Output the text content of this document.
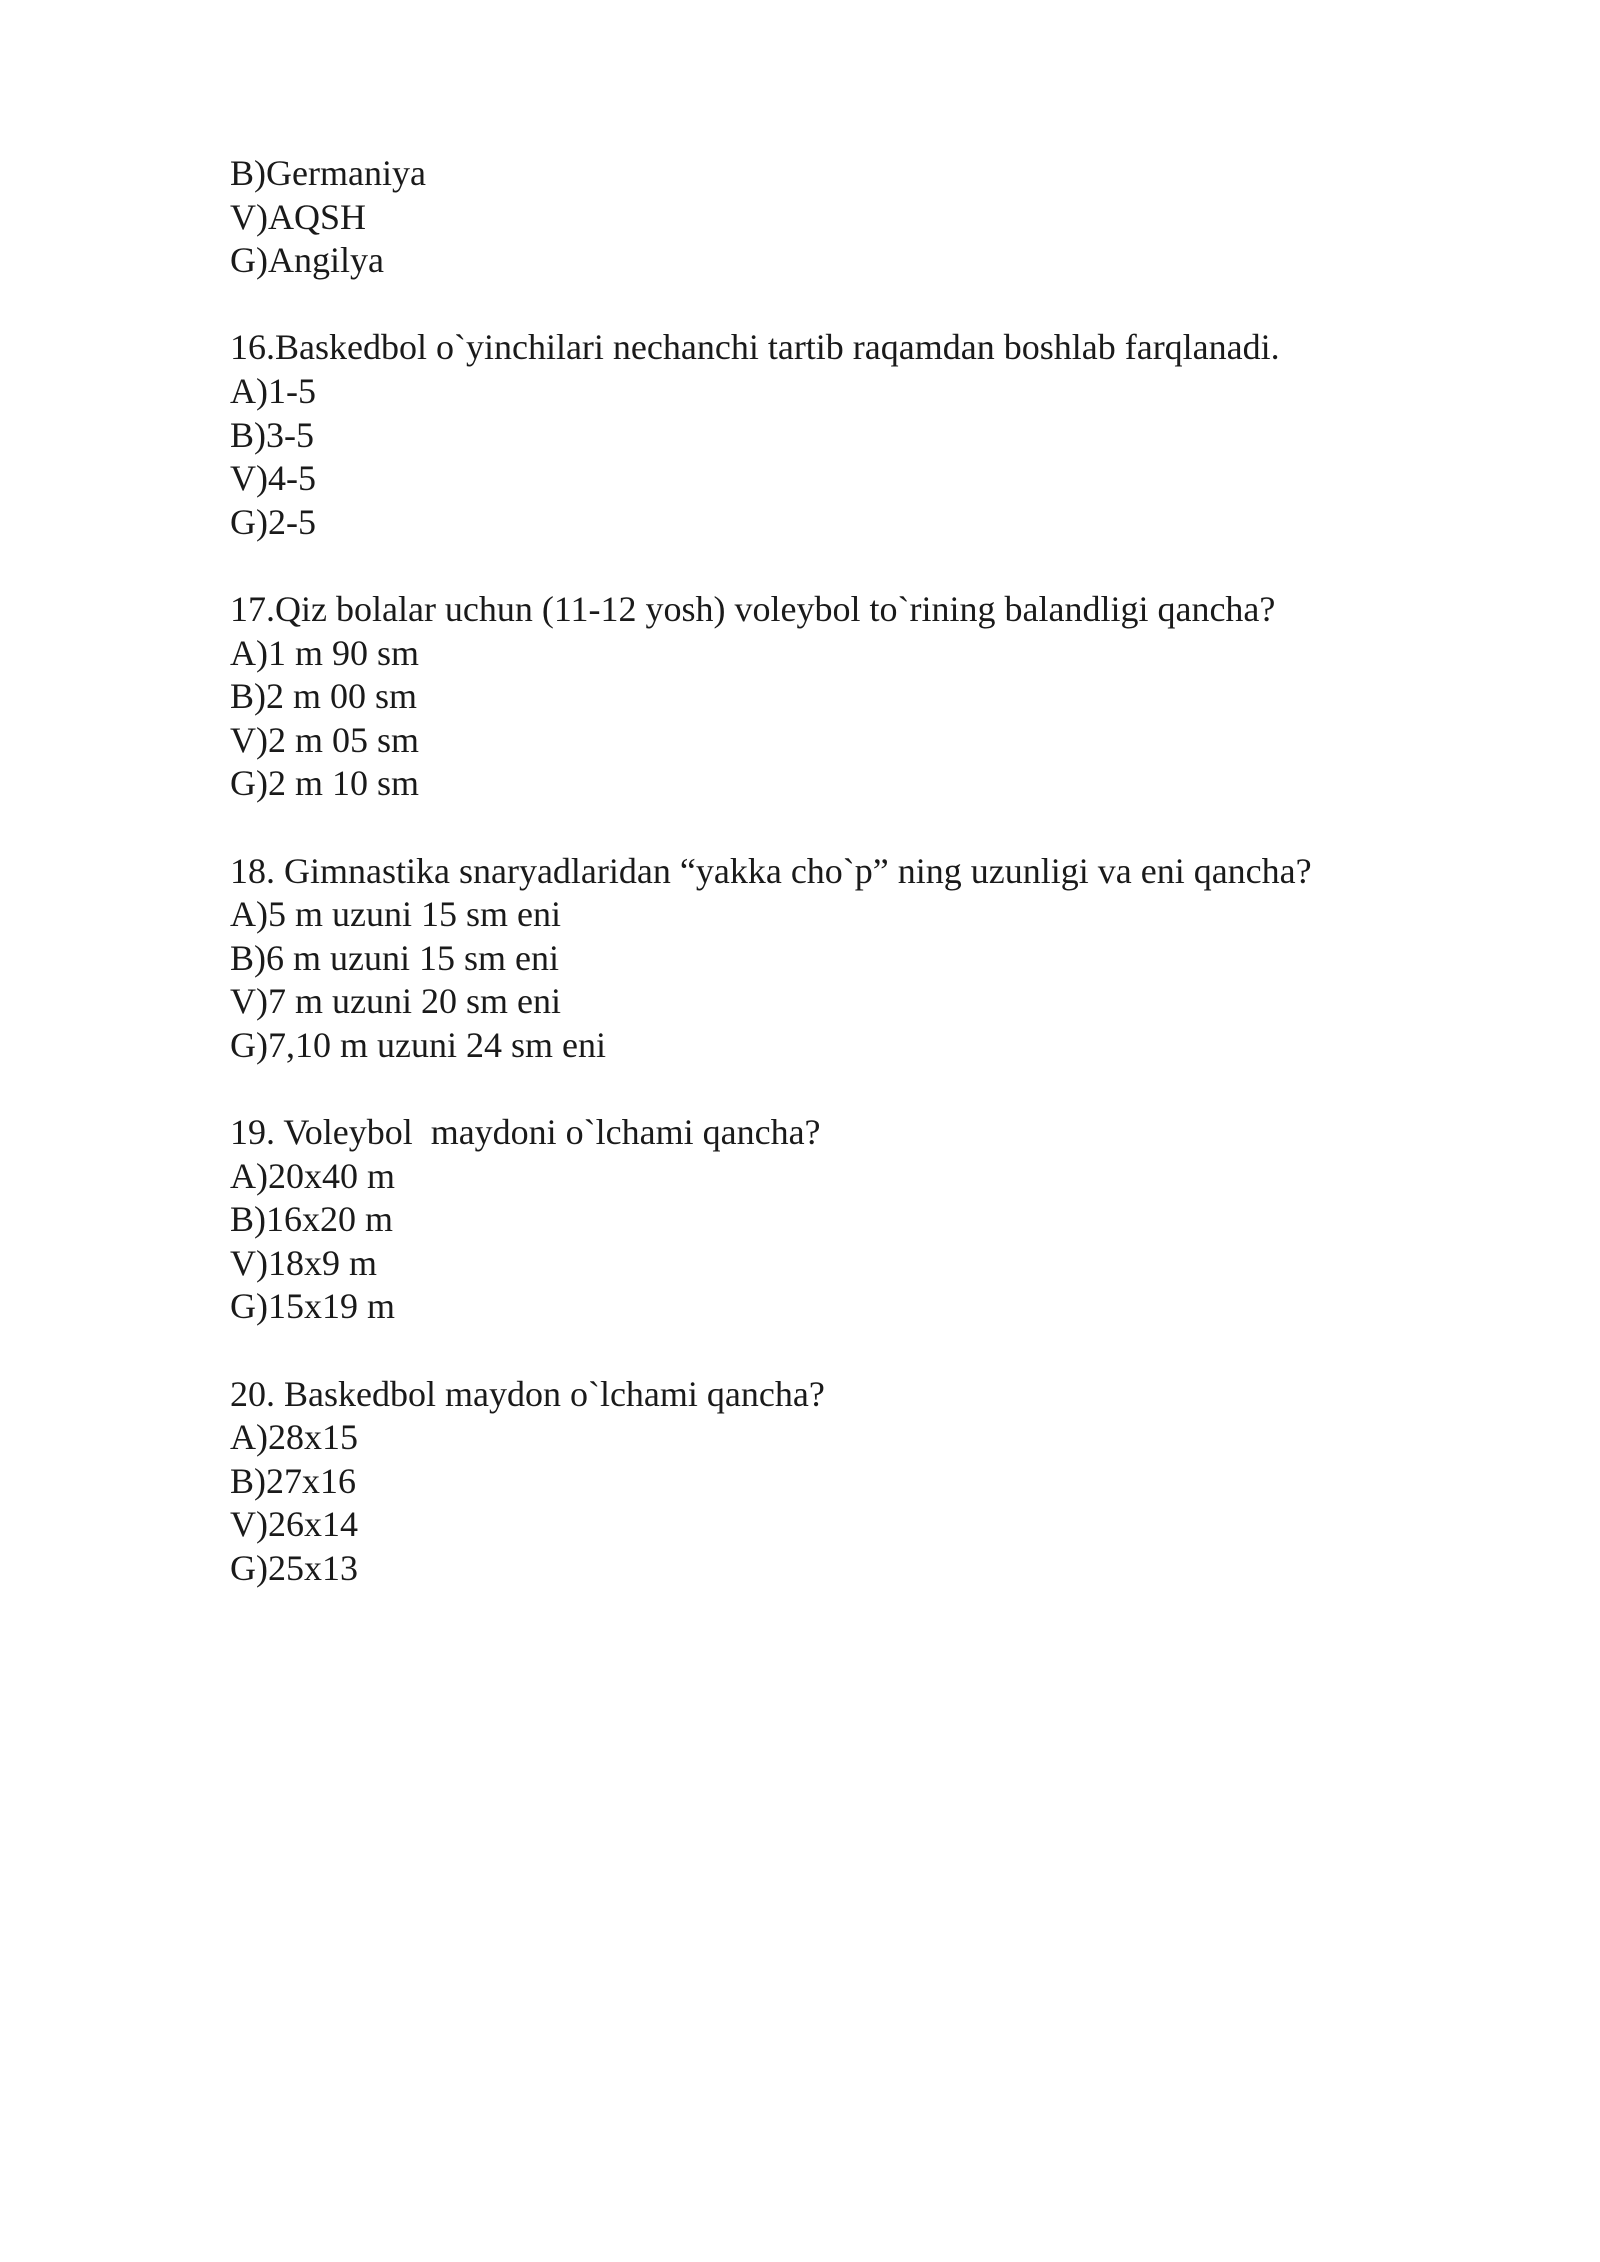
B)Germaniya
V)AQSH
G)Angilya
16.Baskedbol o`yinchilari nechanchi tartib raqamdan boshlab farqlanadi.
A)1-5
B)3-5
V)4-5
G)2-5
17.Qiz bolalar uchun (11-12 yosh) voleybol to`rining balandligi qancha?
A)1 m 90 sm
B)2 m 00 sm
V)2 m 05 sm
G)2 m 10 sm
18. Gimnastika snaryadlaridan “yakka cho`p” ning uzunligi va eni qancha?
A)5 m uzuni 15 sm eni
B)6 m uzuni 15 sm eni
V)7 m uzuni 20 sm eni
G)7,10 m uzuni 24 sm eni
19. Voleybol  maydoni o`lchami qancha?
A)20x40 m
B)16x20 m
V)18x9 m
G)15x19 m
20. Baskedbol maydon o`lchami qancha?
A)28x15
B)27x16
V)26x14
G)25x13
